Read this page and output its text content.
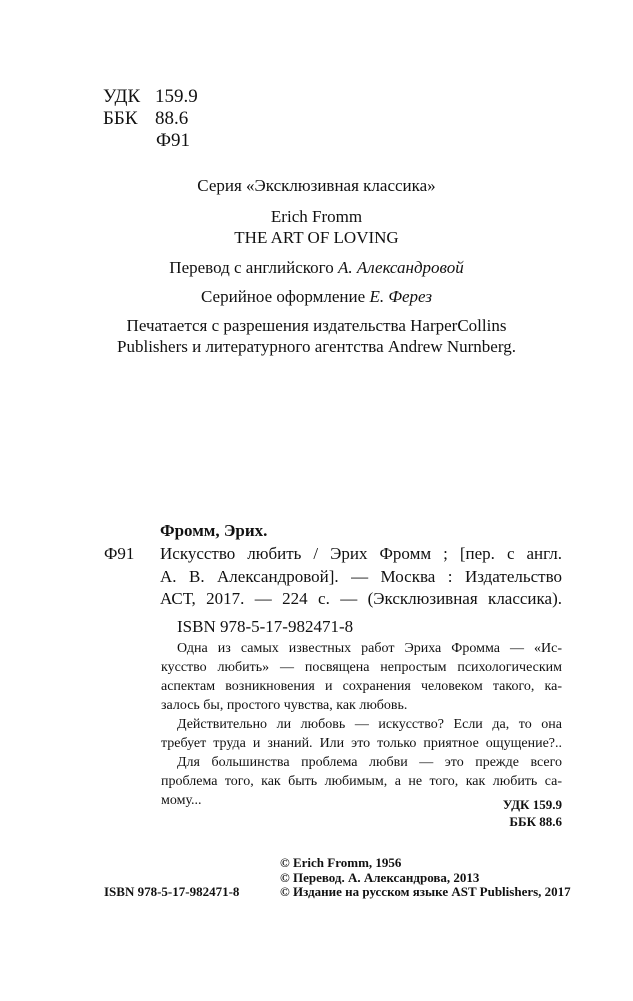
УДК 159.9
ББК 88.6
Ф91
Серия «Эксклюзивная классика»
Erich Fromm
THE ART OF LOVING
Перевод с английского А. Александровой
Серийное оформление Е. Ферез
Печатается с разрешения издательства HarperCollins
Publishers и литературного агентства Andrew Nurnberg.
Фромм, Эрих.
Ф91 Искусство любить / Эрих Фромм ; [пер. с англ.
А. В. Александровой]. — Москва : Издательство
АСТ, 2017. — 224 с. — (Эксклюзивная классика).
ISBN 978-5-17-982471-8
Одна из самых известных работ Эриха Фромма — «Ис-
кусство любить» — посвящена непростым психологическим
аспектам возникновения и сохранения человеком такого, ка-
залось бы, простого чувства, как любовь.
Действительно ли любовь — искусство? Если да, то она
требует труда и знаний. Или это только приятное ощущение?..
Для большинства проблема любви — это прежде всего
проблема того, как быть любимым, а не того, как любить са-
мому...	УДК 159.9
ББК 88.6
ISBN 978-5-17-982471-8
© Erich Fromm, 1956
© Перевод. А. Александрова, 2013
© Издание на русском языке AST Publishers, 2017
